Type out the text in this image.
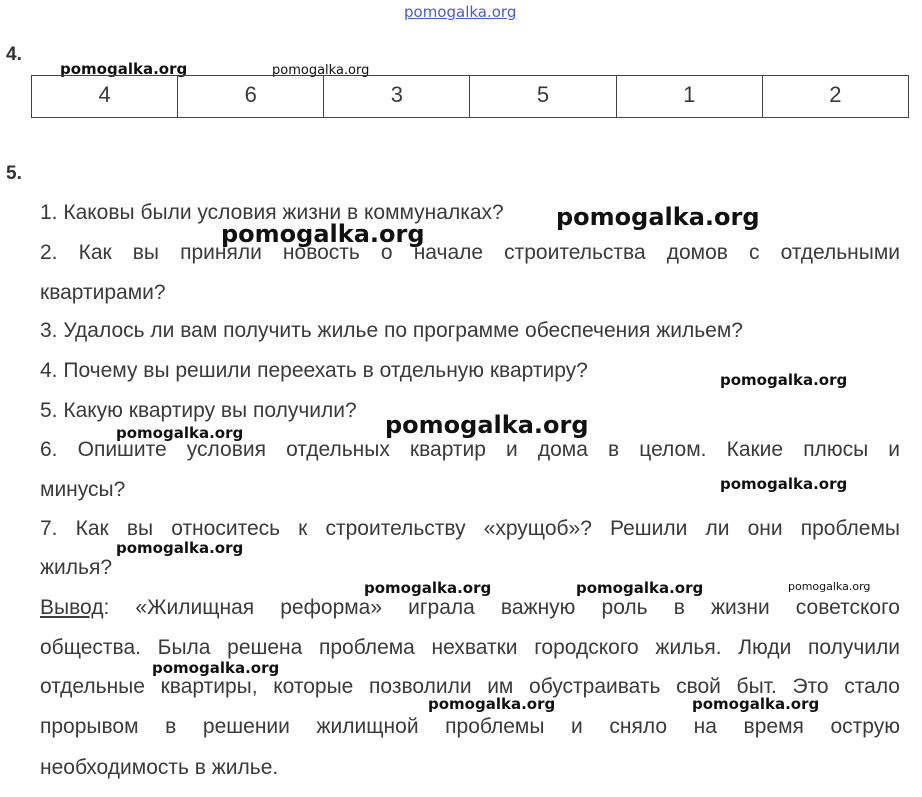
pomogalka.org
4.
pomogalka.org	pomogalka.org
4	6	3	5	1	2
5.
1. Каковы были условия жизни в коммуналках?
2. Как вы приняли новость о начале строительства домов с отдельными
квартирами?
3. Удалось ли вам получить жилье по программе обеспечения жильем?
4. Почему вы решили переехать в отдельную квартиру?
5. Какую квартиру вы получили?
6. Опишите условия отдельных квартир и дома в целом. Какие плюсы и
минусы?
7. Как вы относитесь к строительству «хрущоб»? Решили ли они проблемы
жилья?
Вывод: «Жилищная реформа» играла важную роль в жизни советского
общества. Была решена проблема нехватки городского жилья. Люди получили
отдельные квартиры, которые позволили им обустраивать свой быт. Это стало
прорывом в решении жилищной проблемы и сняло на время острую
необходимость в жилье.
pomogalka.org
pomogalka.org
pomogalka.org
pomogalka.org
pomogalka.org
pomogalka.org
pomogalka.org
pomogalka.org	pomogalka.org	pomogalka.org
pomogalka.org
pomogalka.org	pomogalka.org
